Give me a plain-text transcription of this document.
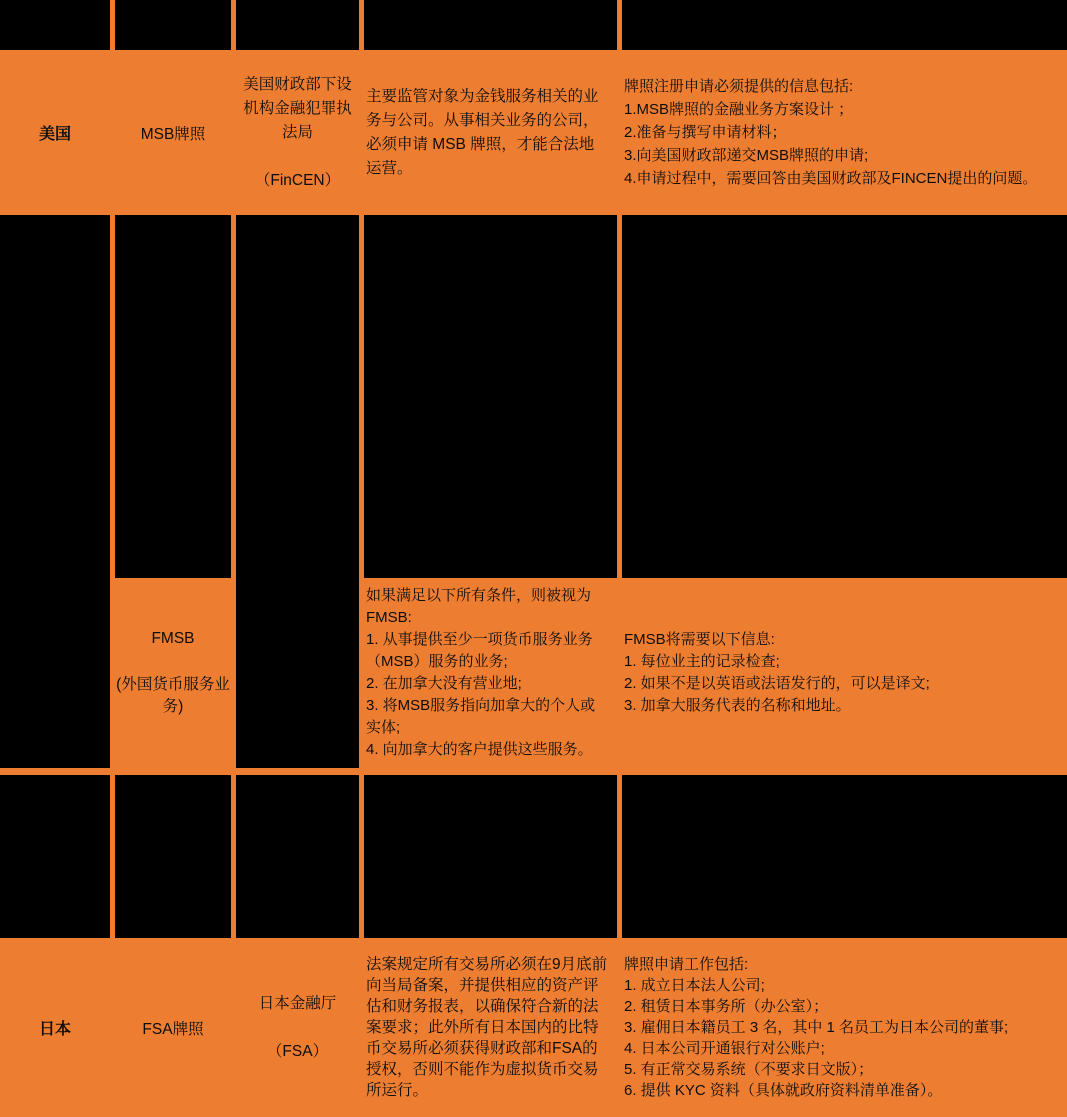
美国	MSB牌照
美国财政部下设机构金融犯罪执法局
（FinCEN）
主要监管对象为金钱服务相关的业务与公司。从事相关业务的公司，必须申请 MSB 牌照，才能合法地运营。
牌照注册申请必须提供的信息包括:
1.MSB牌照的金融业务方案设计 ；
2.准备与撰写申请材料；
3.向美国财政部递交MSB牌照的申请;
4.申请过程中，需要回答由美国财政部及FINCEN提出的问题。
FMSB
(外国货币服务业务)
如果满足以下所有条件，则被视为FMSB:
1. 从事提供至少一项货币服务业务（MSB）服务的业务;
2. 在加拿大没有营业地;
3. 将MSB服务指向加拿大的个人或实体;
4. 向加拿大的客户提供这些服务。
FMSB将需要以下信息:
1. 每位业主的记录检查;
2. 如果不是以英语或法语发行的，可以是译文;
3. 加拿大服务代表的名称和地址。
日本	FSA牌照
日本金融厅
（FSA）
法案规定所有交易所必须在9月底前向当局备案，并提供相应的资产评估和财务报表，以确保符合新的法案要求；此外所有日本国内的比特币交易所必须获得财政部和FSA的授权，否则不能作为虚拟货币交易所运行。
牌照申请工作包括:
1. 成立日本法人公司;
2. 租赁日本事务所（办公室）；
3. 雇佣日本籍员工 3 名，其中 1 名员工为日本公司的董事;
4. 日本公司开通银行对公账户;
5. 有正常交易系统（不要求日文版）；
6. 提供 KYC 资料（具体就政府资料清单准备）。
